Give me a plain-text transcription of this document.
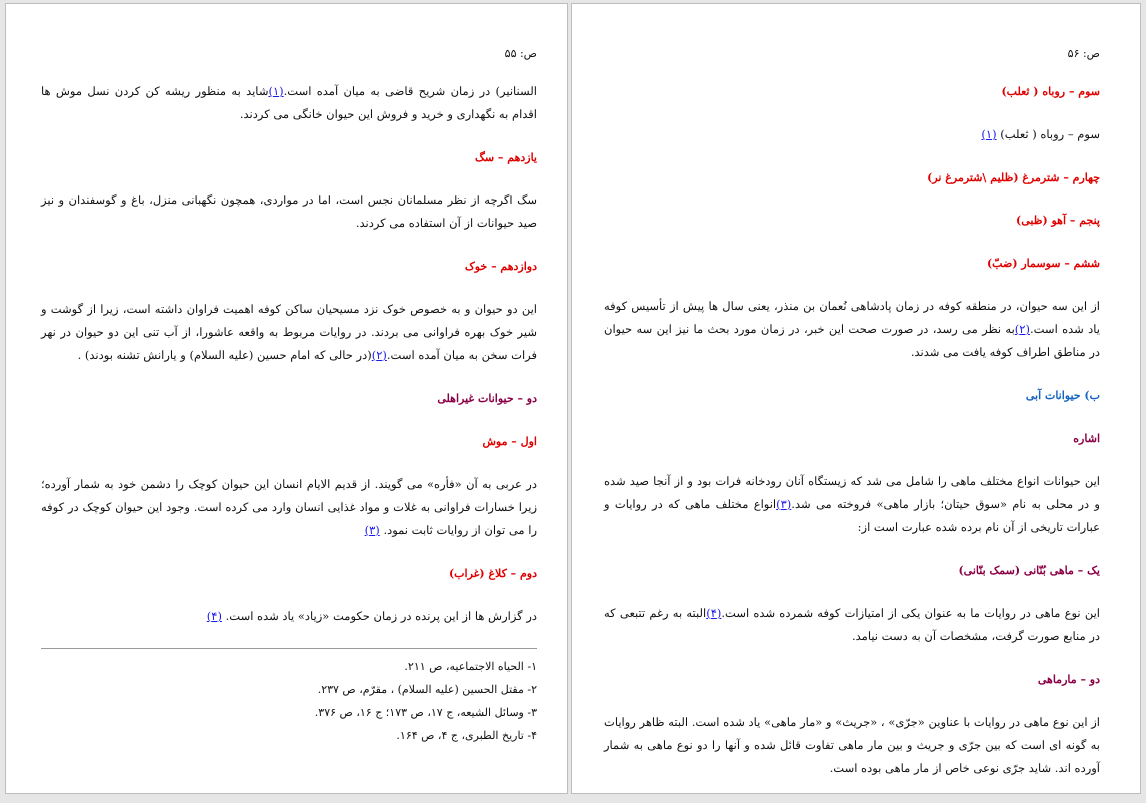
ص: ۵۵
السنانیر) در زمان شریح قاضی به میان آمده است.(۱)شاید به منظور ریشه کن کردن نسل موش ها اقدام به نگهداری و خرید و فروش این حیوان خانگی می کردند.
یازدهم – سگ
سگ اگرچه از نظر مسلمانان نجس است، اما در مواردی، همچون نگهبانی منزل، باغ و گوسفندان و نیز صید حیوانات از آن استفاده می کردند.
دوازدهم – خوک
این دو حیوان و به خصوص خوک نزد مسیحیان ساکن کوفه اهمیت فراوان داشته است، زیرا از گوشت و شیر خوک بهره فراوانی می بردند. در روایات مربوط به واقعه عاشورا، از آب تنی این دو حیوان در نهر فرات سخن به میان آمده است.(۲)(در حالی که امام حسین (علیه السلام) و یارانش تشنه بودند) .
دو – حیوانات غیراهلی
اول – موش
در عربی به آن «فأره» می گویند. از قدیم الایام انسان این حیوان کوچک را دشمن خود به شمار آورده؛ زیرا خسارات فراوانی به غلات و مواد غذایی انسان وارد می کرده است. وجود این حیوان کوچک در کوفه را می توان از روایات ثابت نمود. (۳)
دوم – کلاغ (غراب)
در گزارش ها از این پرنده در زمان حکومت «زیاد» یاد شده است. (۴)
۱- الحیاه الاجتماعیه، ص ۲۱۱.
۲- مقتل الحسین (علیه السلام) ، مقرّم، ص ۲۳۷.
۳- وسائل الشیعه، ج ۱۷، ص ۱۷۳؛ ج ۱۶، ص ۳۷۶.
۴- تاریخ الطبری، ج ۴، ص ۱۶۴.
ص: ۵۶
سوم – روباه ( ثعلب)
سوم – روباه ( ثعلب) (۱)
چهارم – شترمرغ (ظلیم \شترمرغ نر)
پنجم – آهو (ظبی)
ششم – سوسمار (ضبّ)
از این سه حیوان، در منطقه کوفه در زمان پادشاهی نُعمان بن منذر، یعنی سال ها پیش از تأسیس کوفه یاد شده است.(۲)به نظر می رسد، در صورت صحت این خبر، در زمان مورد بحث ما نیز این سه حیوان در مناطق اطراف کوفه یافت می شدند.
ب) حیوانات آبی
اشاره
این حیوانات انواع مختلف ماهی را شامل می شد که زیستگاه آنان رودخانه فرات بود و از آنجا صید شده و در محلی به نام «سوق حیتان؛ بازار ماهی» فروخته می شد.(۳)انواع مختلف ماهی که در روایات و عبارات تاریخی از آن نام برده شده عبارت است از:
یک – ماهی بُنّانی (سمک بنّانی)
این نوع ماهی در روایات ما به عنوان یکی از امتیازات کوفه شمرده شده است.(۴)البته به رغم تتبعی که در منابع صورت گرفت، مشخصات آن به دست نیامد.
دو – مارماهی
از این نوع ماهی در روایات با عناوین «جرّی» ، «جریث» و «مار ماهی» یاد شده است. البته ظاهر روایات به گونه ای است که بین جرّی و جریث و بین مار ماهی تفاوت قائل شده و آنها را دو نوع ماهی به شمار آورده اند. شاید جرّی نوعی خاص از مار ماهی بوده است.
